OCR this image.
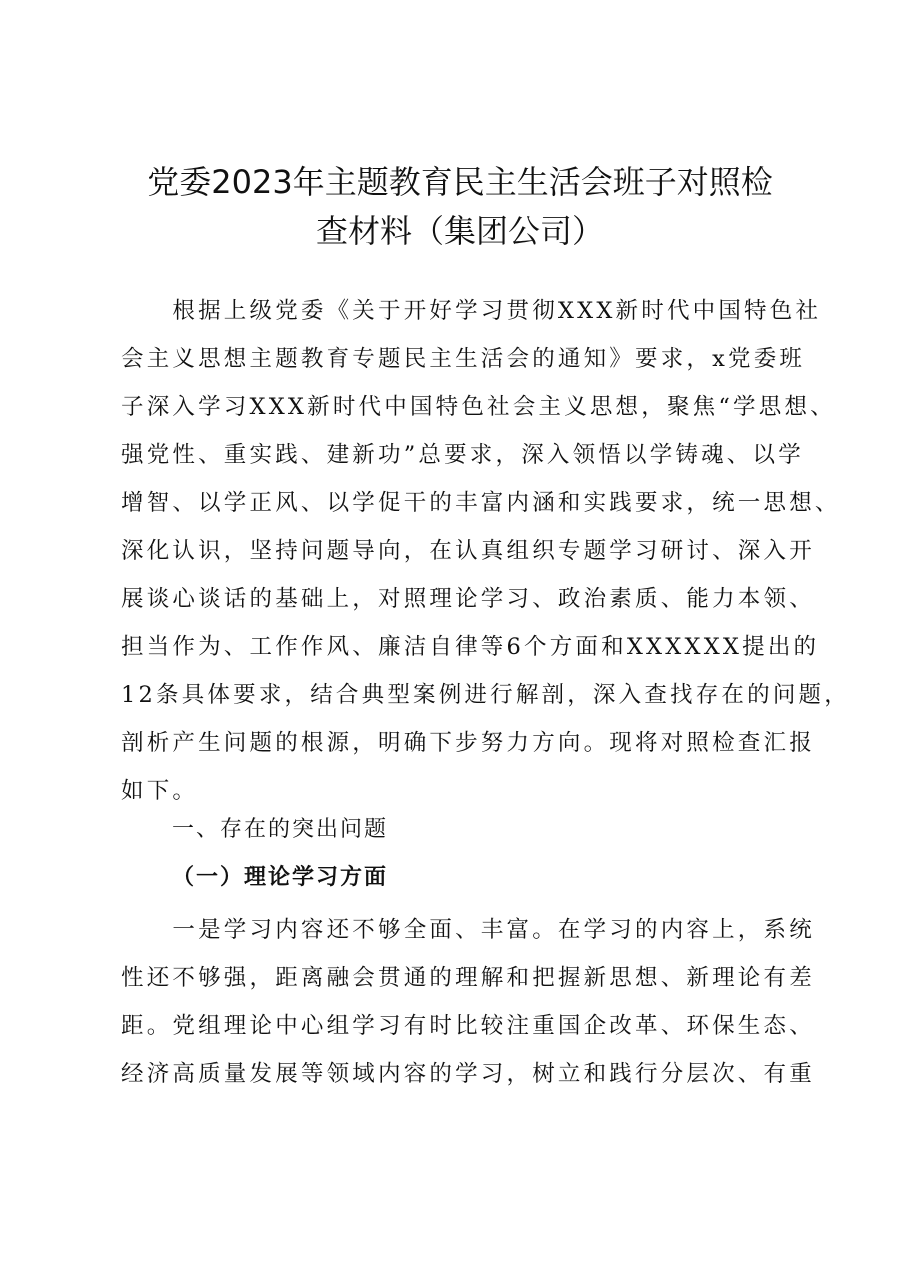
党委2023年主题教育民主生活会班子对照检
查材料（集团公司）
　　根据上级党委《关于开好学习贯彻XXX新时代中国特色社
会主义思想主题教育专题民主生活会的通知》要求，x党委班
子深入学习XXX新时代中国特色社会主义思想，聚焦“学思想、
强党性、重实践、建新功”总要求，深入领悟以学铸魂、以学
增智、以学正风、以学促干的丰富内涵和实践要求，统一思想、
深化认识，坚持问题导向，在认真组织专题学习研讨、深入开
展谈心谈话的基础上，对照理论学习、政治素质、能力本领、
担当作为、工作作风、廉洁自律等6个方面和XXXXXX提出的
12条具体要求，结合典型案例进行解剖，深入查找存在的问题，
剖析产生问题的根源，明确下步努力方向。现将对照检查汇报
如下。
一、存在的突出问题
（一）理论学习方面
　　一是学习内容还不够全面、丰富。在学习的内容上，系统
性还不够强，距离融会贯通的理解和把握新思想、新理论有差
距。党组理论中心组学习有时比较注重国企改革、环保生态、
经济高质量发展等领域内容的学习，树立和践行分层次、有重
